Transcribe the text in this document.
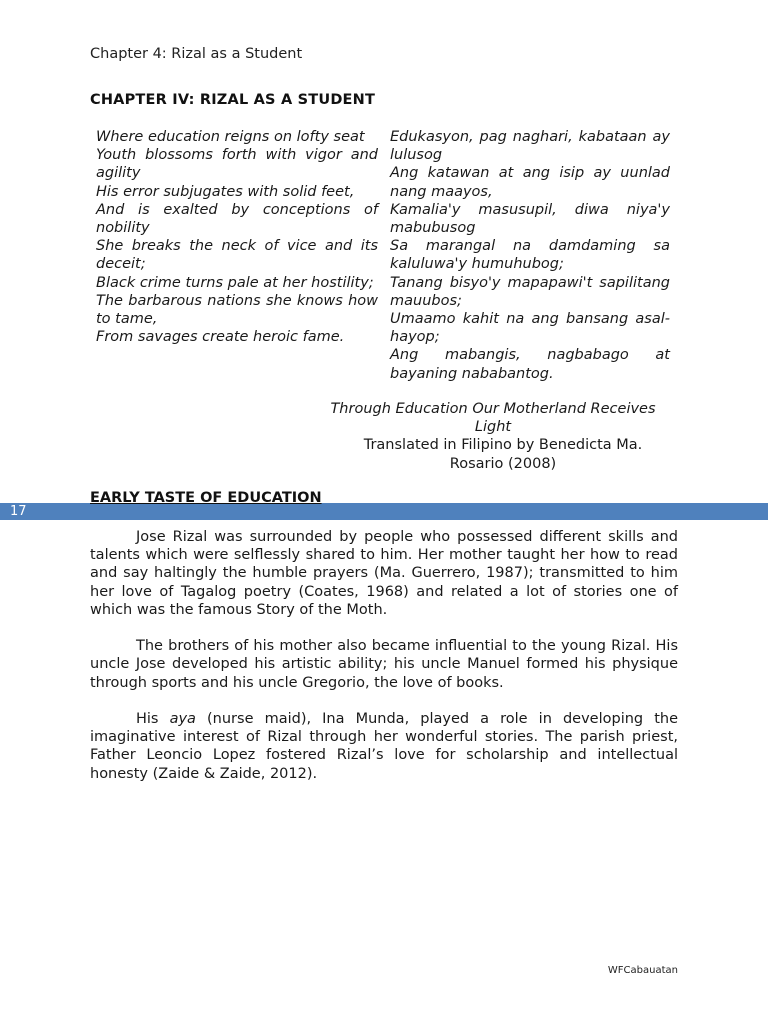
Chapter 4: Rizal as a Student
CHAPTER IV: RIZAL AS A STUDENT
Where education reigns on lofty seat
Youth blossoms forth with vigor and agility
His error subjugates with solid feet,
And is exalted by conceptions of nobility
She breaks the neck of vice and its deceit;
Black crime turns pale at her hostility;
The barbarous nations she knows how to tame,
From savages create heroic fame.
Edukasyon, pag naghari, kabataan ay lulusog
Ang katawan at ang isip ay uunlad nang maayos,
Kamalia'y masusupil, diwa niya'y mabubusog
Sa marangal na damdaming sa kaluluwa'y humuhubog;
Tanang bisyo'y mapapawi't sapilitang mauubos;
Umaamo kahit na ang bansang asal-hayop;
Ang mabangis, nagbabago at bayaning nababantog.
Through Education Our Motherland Receives Light
Translated in Filipino by Benedicta Ma. Rosario (2008)
17
EARLY TASTE OF EDUCATION

Jose Rizal was surrounded by people who possessed different skills and talents which were selflessly shared to him. Her mother taught her how to read and say haltingly the humble prayers (Ma. Guerrero, 1987); transmitted to him her love of Tagalog poetry (Coates, 1968) and related a lot of stories one of which was the famous Story of the Moth.

The brothers of his mother also became influential to the young Rizal. His uncle Jose developed his artistic ability; his uncle Manuel formed his physique through sports and his uncle Gregorio, the love of books.

His aya (nurse maid), Ina Munda, played a role in developing the imaginative interest of Rizal through her wonderful stories. The parish priest, Father Leoncio Lopez fostered Rizal’s love for scholarship and intellectual honesty (Zaide & Zaide, 2012).

WFCabauatan
